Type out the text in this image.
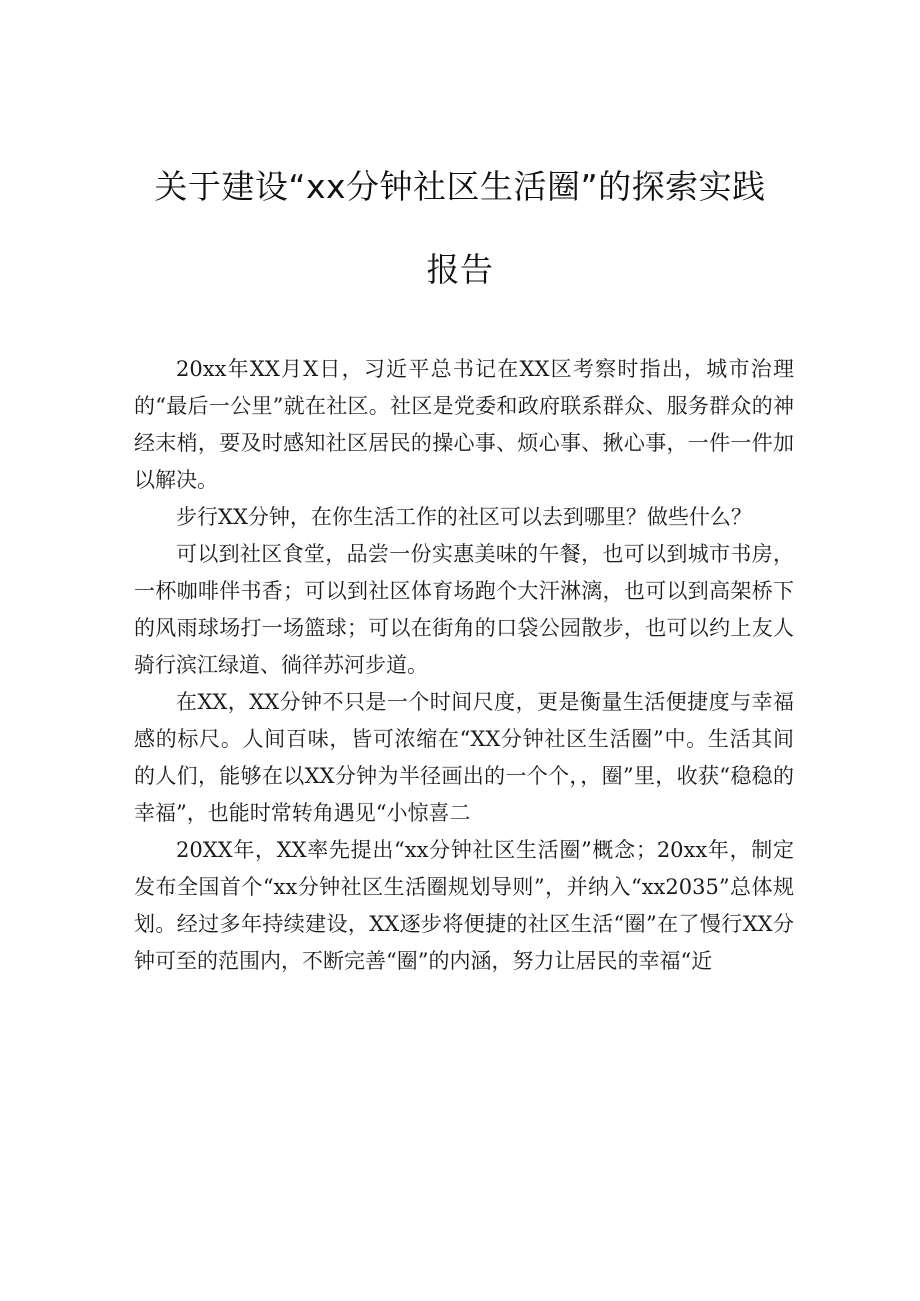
关于建设“xx分钟社区生活圈”的探索实践
报告

20xx年XX月X日，习近平总书记在XX区考察时指出，城市治理的“最后一公里”就在社区。社区是党委和政府联系群众、服务群众的神经末梢，要及时感知社区居民的操心事、烦心事、揪心事，一件一件加以解决。

步行XX分钟，在你生活工作的社区可以去到哪里？做些什么？

可以到社区食堂，品尝一份实惠美味的午餐，也可以到城市书房，一杯咖啡伴书香；可以到社区体育场跑个大汗淋漓，也可以到高架桥下的风雨球场打一场篮球；可以在街角的口袋公园散步，也可以约上友人骑行滨江绿道、徜徉苏河步道。

在XX，XX分钟不只是一个时间尺度，更是衡量生活便捷度与幸福感的标尺。人间百味，皆可浓缩在“XX分钟社区生活圈”中。生活其间的人们，能够在以XX分钟为半径画出的一个个，，圈”里，收获“稳稳的幸福”，也能时常转角遇见“小惊喜二

20XX年，XX率先提出“xx分钟社区生活圈”概念；20xx年，制定发布全国首个“xx分钟社区生活圈规划导则”，并纳入“xx2035”总体规划。经过多年持续建设，XX逐步将便捷的社区生活“圈”在了慢行XX分钟可至的范围内，不断完善“圈”的内涵，努力让居民的幸福“近
